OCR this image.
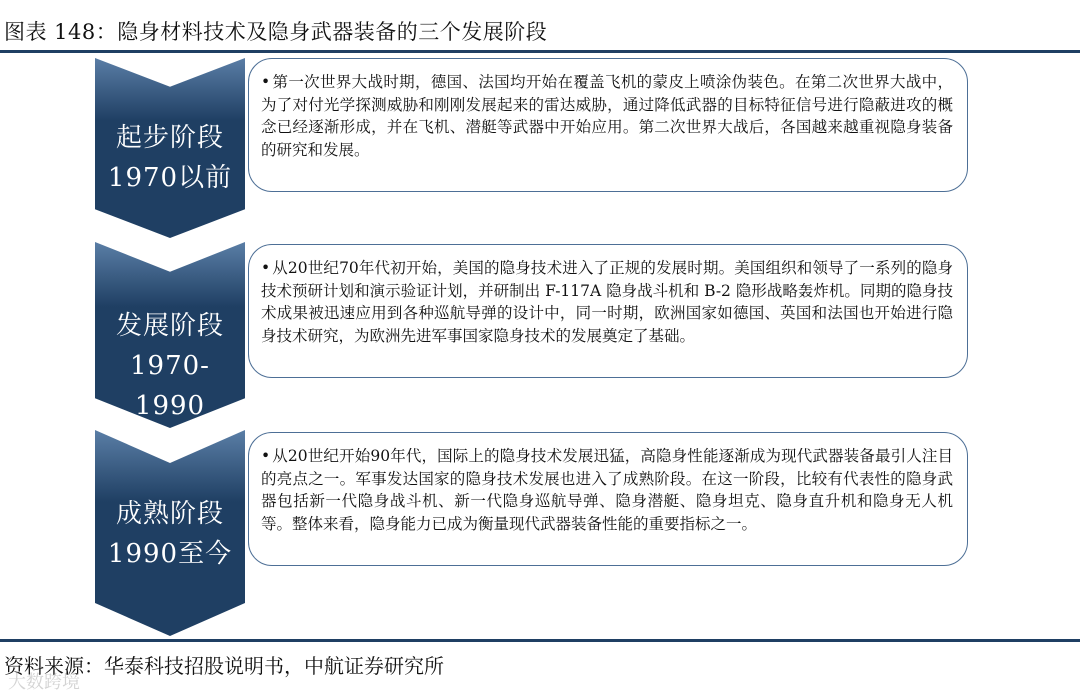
图表 148：隐身材料技术及隐身武器装备的三个发展阶段
起步阶段
1970以前
• 第一次世界大战时期，德国、法国均开始在覆盖飞机的蒙皮上喷涂伪装色。在第二次世界大战中，为了对付光学探测威胁和刚刚发展起来的雷达威胁，通过降低武器的目标特征信号进行隐蔽进攻的概念已经逐渐形成，并在飞机、潜艇等武器中开始应用。第二次世界大战后，各国越来越重视隐身装备的研究和发展。
发展阶段
1970-1990
• 从20世纪70年代初开始，美国的隐身技术进入了正规的发展时期。美国组织和领导了一系列的隐身技术预研计划和演示验证计划，并研制出 F-117A 隐身战斗机和 B-2 隐形战略轰炸机。同期的隐身技术成果被迅速应用到各种巡航导弹的设计中，同一时期，欧洲国家如德国、英国和法国也开始进行隐身技术研究，为欧洲先进军事国家隐身技术的发展奠定了基础。
成熟阶段
1990至今
• 从20世纪开始90年代，国际上的隐身技术发展迅猛，高隐身性能逐渐成为现代武器装备最引人注目的亮点之一。军事发达国家的隐身技术发展也进入了成熟阶段。在这一阶段，比较有代表性的隐身武器包括新一代隐身战斗机、新一代隐身巡航导弹、隐身潜艇、隐身坦克、隐身直升机和隐身无人机等。整体来看，隐身能力已成为衡量现代武器装备性能的重要指标之一。
资料来源：华泰科技招股说明书，中航证券研究所
大数跨境
